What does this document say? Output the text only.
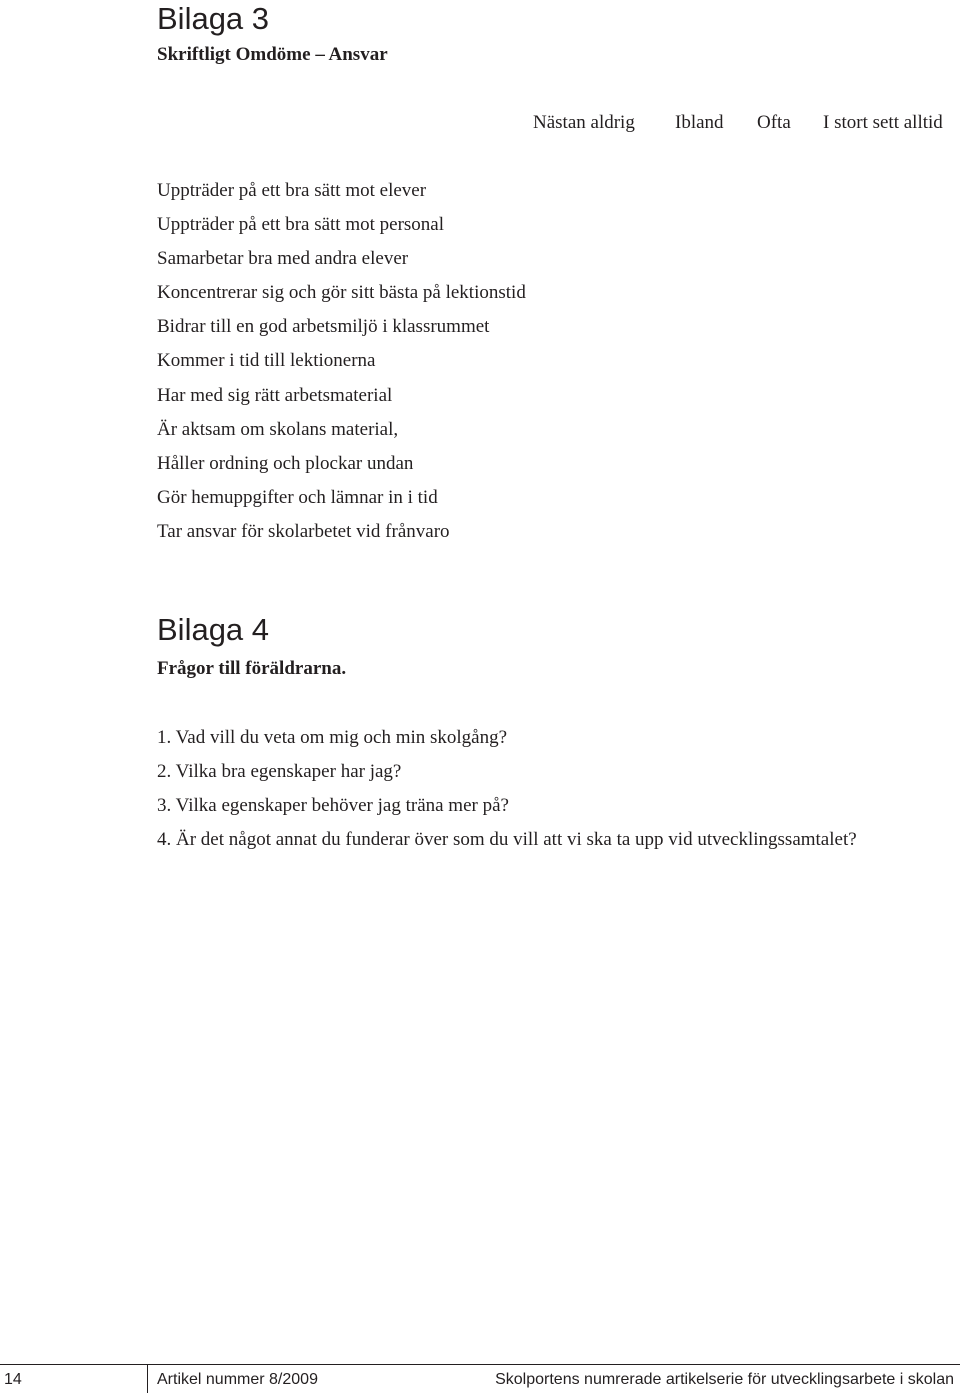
Bilaga 3
Skriftligt Omdöme – Ansvar
Nästan aldrig Ibland Ofta I stort sett alltid
Uppträder på ett bra sätt mot elever
Uppträder på ett bra sätt mot personal
Samarbetar bra med andra elever
Koncentrerar sig och gör sitt bästa på lektionstid
Bidrar till en god arbetsmiljö i klassrummet
Kommer i tid till lektionerna
Har med sig rätt arbetsmaterial
Är aktsam om skolans material,
Håller ordning och plockar undan
Gör hemuppgifter och lämnar in i tid
Tar ansvar för skolarbetet vid frånvaro
Bilaga 4
Frågor till föräldrarna.
1. Vad vill du veta om mig och min skolgång?
2. Vilka bra egenskaper har jag?
3. Vilka egenskaper behöver jag träna mer på?
4. Är det något annat du funderar över som du vill att vi ska ta upp vid utvecklingssamtalet?
14	Artikel nummer 8/2009	Skolportens numrerade artikelserie för utvecklingsarbete i skolan
